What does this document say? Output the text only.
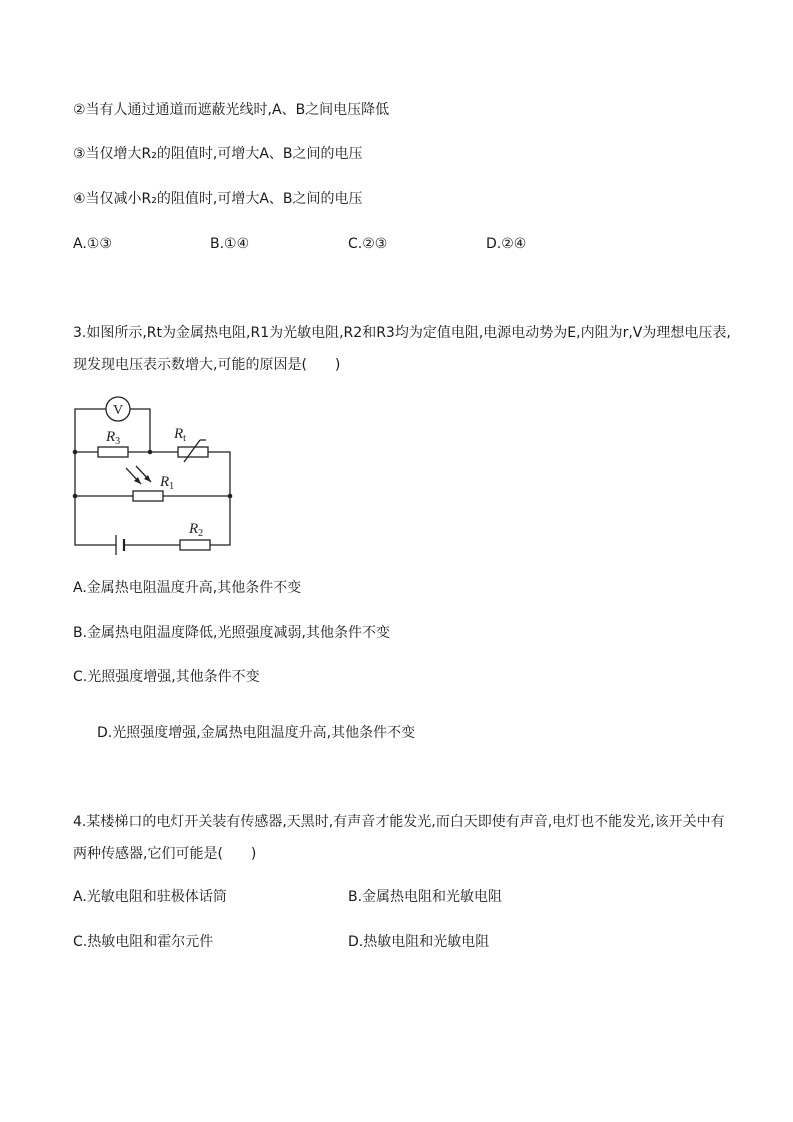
②当有人通过通道而遮蔽光线时,A、B之间电压降低
③当仅增大R₂的阻值时,可增大A、B之间的电压
④当仅减小R₂的阻值时,可增大A、B之间的电压
A.①③	B.①④	C.②③	D.②④
3.如图所示,Rt为金属热电阻,R1为光敏电阻,R2和R3均为定值电阻,电源电动势为E,内阻为r,V为理想电压表,
现发现电压表示数增大,可能的原因是(　　)
V
$R_3$	$R_t$
$R_1$
$R_2$
A.金属热电阻温度升高,其他条件不变
B.金属热电阻温度降低,光照强度减弱,其他条件不变
C.光照强度增强,其他条件不变
D.光照强度增强,金属热电阻温度升高,其他条件不变
4.某楼梯口的电灯开关装有传感器,天黑时,有声音才能发光,而白天即使有声音,电灯也不能发光,该开关中有
两种传感器,它们可能是(　　)
A.光敏电阻和驻极体话筒	B.金属热电阻和光敏电阻
C.热敏电阻和霍尔元件	D.热敏电阻和光敏电阻
